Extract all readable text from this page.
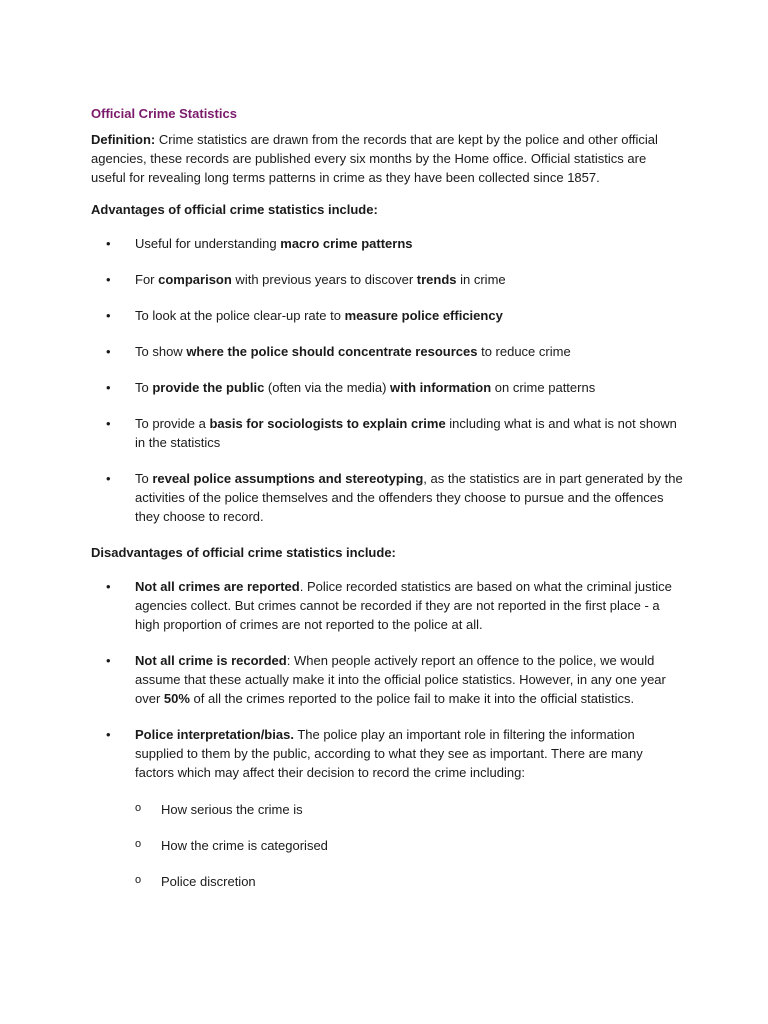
Official Crime Statistics

Definition: Crime statistics are drawn from the records that are kept by the police and other official agencies, these records are published every six months by the Home office. Official statistics are useful for revealing long terms patterns in crime as they have been collected since 1857.

Advantages of official crime statistics include:
• Useful for understanding macro crime patterns
• For comparison with previous years to discover trends in crime
• To look at the police clear-up rate to measure police efficiency
• To show where the police should concentrate resources to reduce crime
• To provide the public (often via the media) with information on crime patterns
• To provide a basis for sociologists to explain crime including what is and what is not shown in the statistics
• To reveal police assumptions and stereotyping, as the statistics are in part generated by the activities of the police themselves and the offenders they choose to pursue and the offences they choose to record.
Disadvantages of official crime statistics include:
• Not all crimes are reported. Police recorded statistics are based on what the criminal justice agencies collect. But crimes cannot be recorded if they are not reported in the first place - a high proportion of crimes are not reported to the police at all.
• Not all crime is recorded: When people actively report an offence to the police, we would assume that these actually make it into the official police statistics. However, in any one year over 50% of all the crimes reported to the police fail to make it into the official statistics.
• Police interpretation/bias. The police play an important role in filtering the information supplied to them by the public, according to what they see as important. There are many factors which may affect their decision to record the crime including:
o How serious the crime is
o How the crime is categorised
o Police discretion
